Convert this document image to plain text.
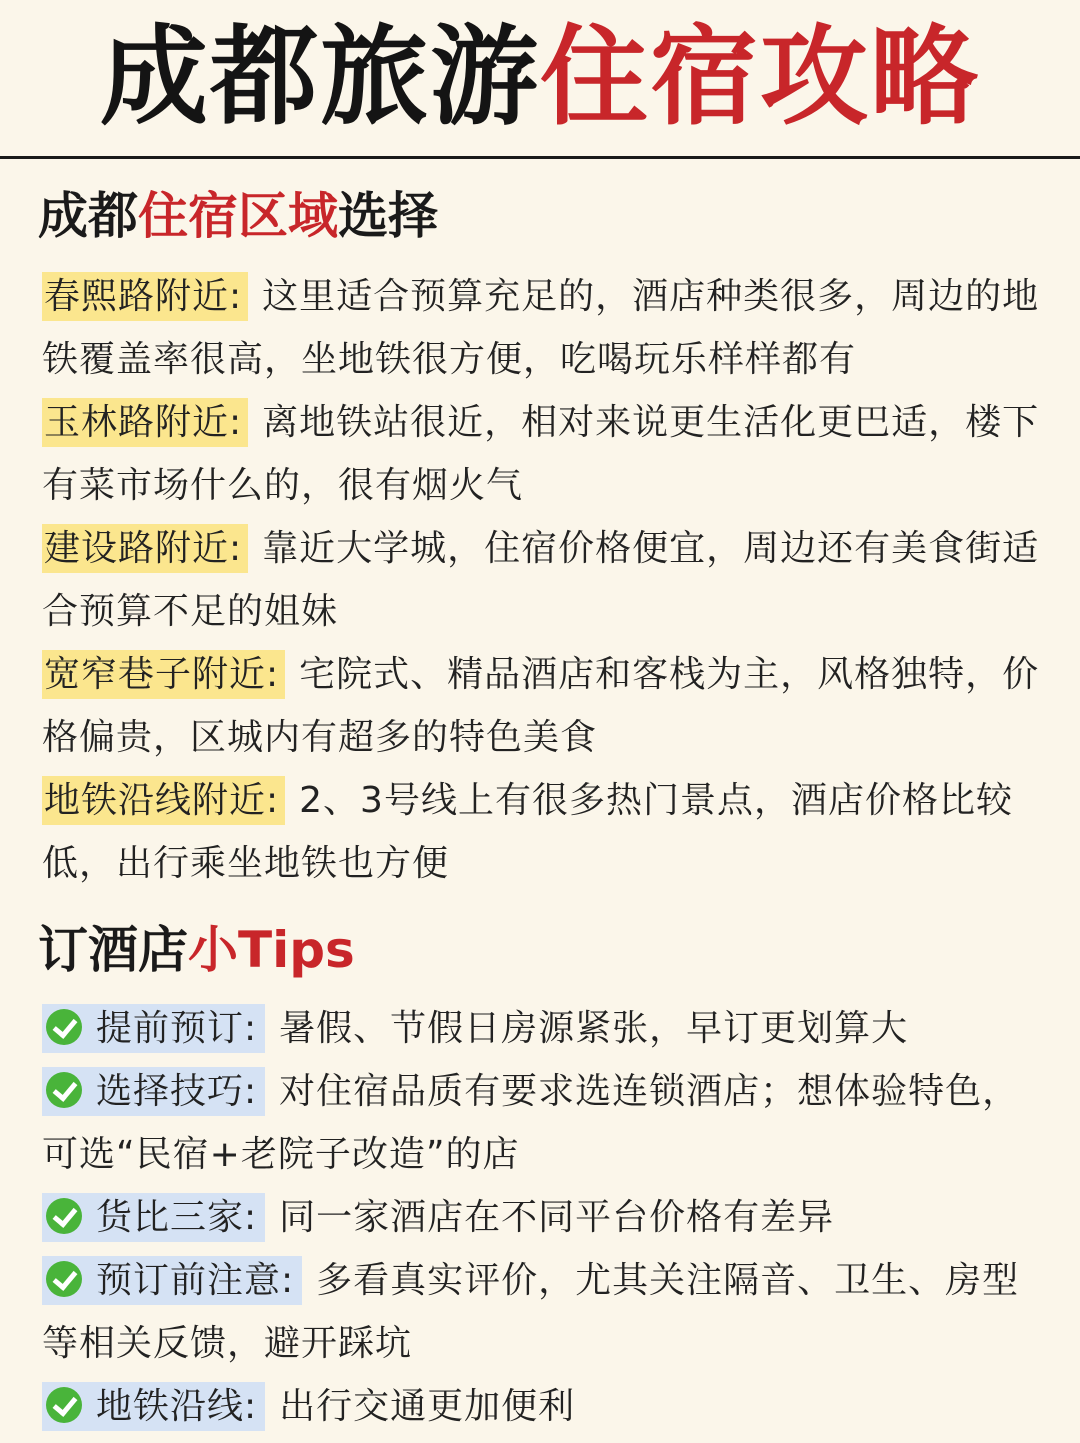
成都旅游 住宿攻略
成都住宿区域选择
春熙路附近: 这里适合预算充足的，酒店种类很多，周边的地铁覆盖率很高，坐地铁很方便，吃喝玩乐样样都有
玉林路附近: 离地铁站很近，相对来说更生活化更巴适，楼下有菜市场什么的，很有烟火气
建设路附近: 靠近大学城，住宿价格便宜，周边还有美食街适合预算不足的姐妹
宽窄巷子附近: 宅院式、精品酒店和客栈为主，风格独特，价格偏贵，区城内有超多的特色美食
地铁沿线附近: 2、3号线上有很多热门景点，酒店价格比较低，出行乘坐地铁也方便
订酒店小Tips
提前预订: 暑假、节假日房源紧张，早订更划算大
选择技巧: 对住宿品质有要求选连锁酒店；想体验特色，可选“民宿+老院子改造”的店
货比三家: 同一家酒店在不同平台价格有差异
预订前注意: 多看真实评价，尤其关注隔音、卫生、房型等相关反馈，避开踩坑
地铁沿线: 出行交通更加便利
